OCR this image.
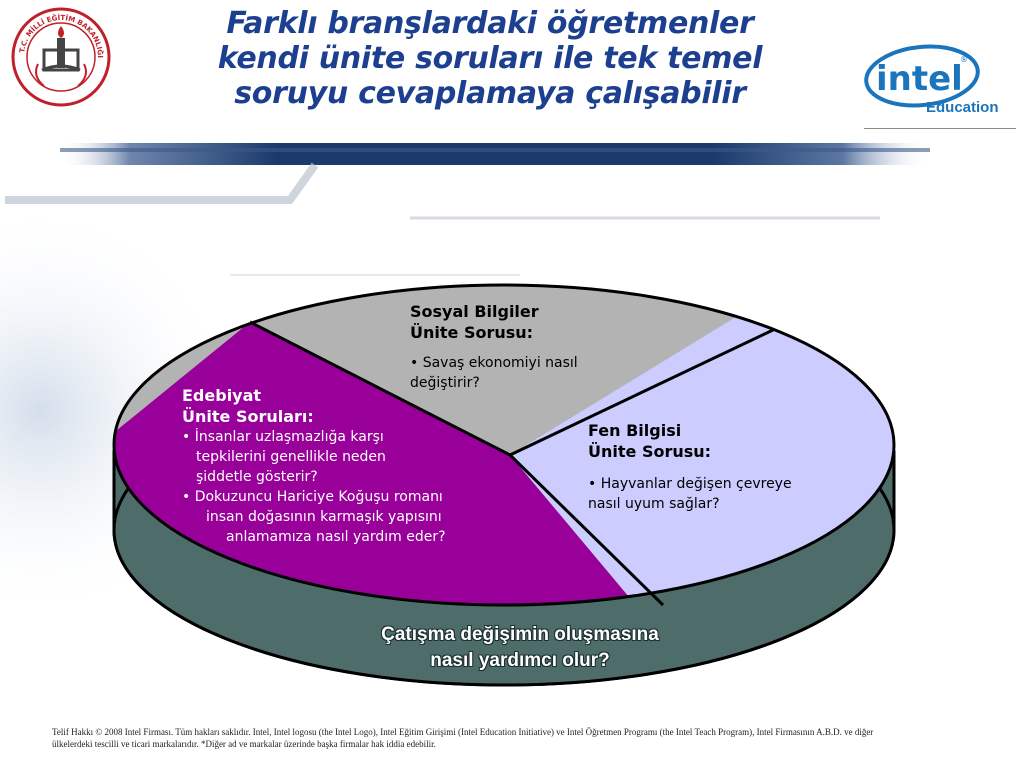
T.C. MİLLİ EĞİTİM BAKANLIĞI
Farklı branşlardaki öğretmenler
kendi ünite soruları ile tek temel
soruyu cevaplamaya çalışabilir	intel
®
Education
Sosyal Bilgiler
Ünite Sorusu:
• Savaş ekonomiyi nasıl
değiştirir?
Fen Bilgisi
Ünite Sorusu:
• Hayvanlar değişen çevreye
nasıl uyum sağlar?
Edebiyat
Ünite Soruları:
• İnsanlar uzlaşmazlığa karşı
tepkilerini genellikle neden
şiddetle gösterir?
• Dokuzuncu Hariciye Koğuşu romanı
insan doğasının karmaşık yapısını
anlamamıza nasıl yardım eder?
Çatışma değişimin oluşmasına
nasıl yardımcı olur?
Telif Hakkı © 2008 Intel Firması. Tüm hakları saklıdır. Intel, Intel logosu (the Intel Logo), Intel Eğitim Girişimi (Intel Education Initiative) ve Intel Öğretmen Programı (the Intel Teach Program), Intel Firmasının A.B.D. ve diğer
ülkelerdeki tescilli ve ticari markalarıdır. *Diğer ad ve markalar üzerinde başka firmalar hak iddia edebilir.
